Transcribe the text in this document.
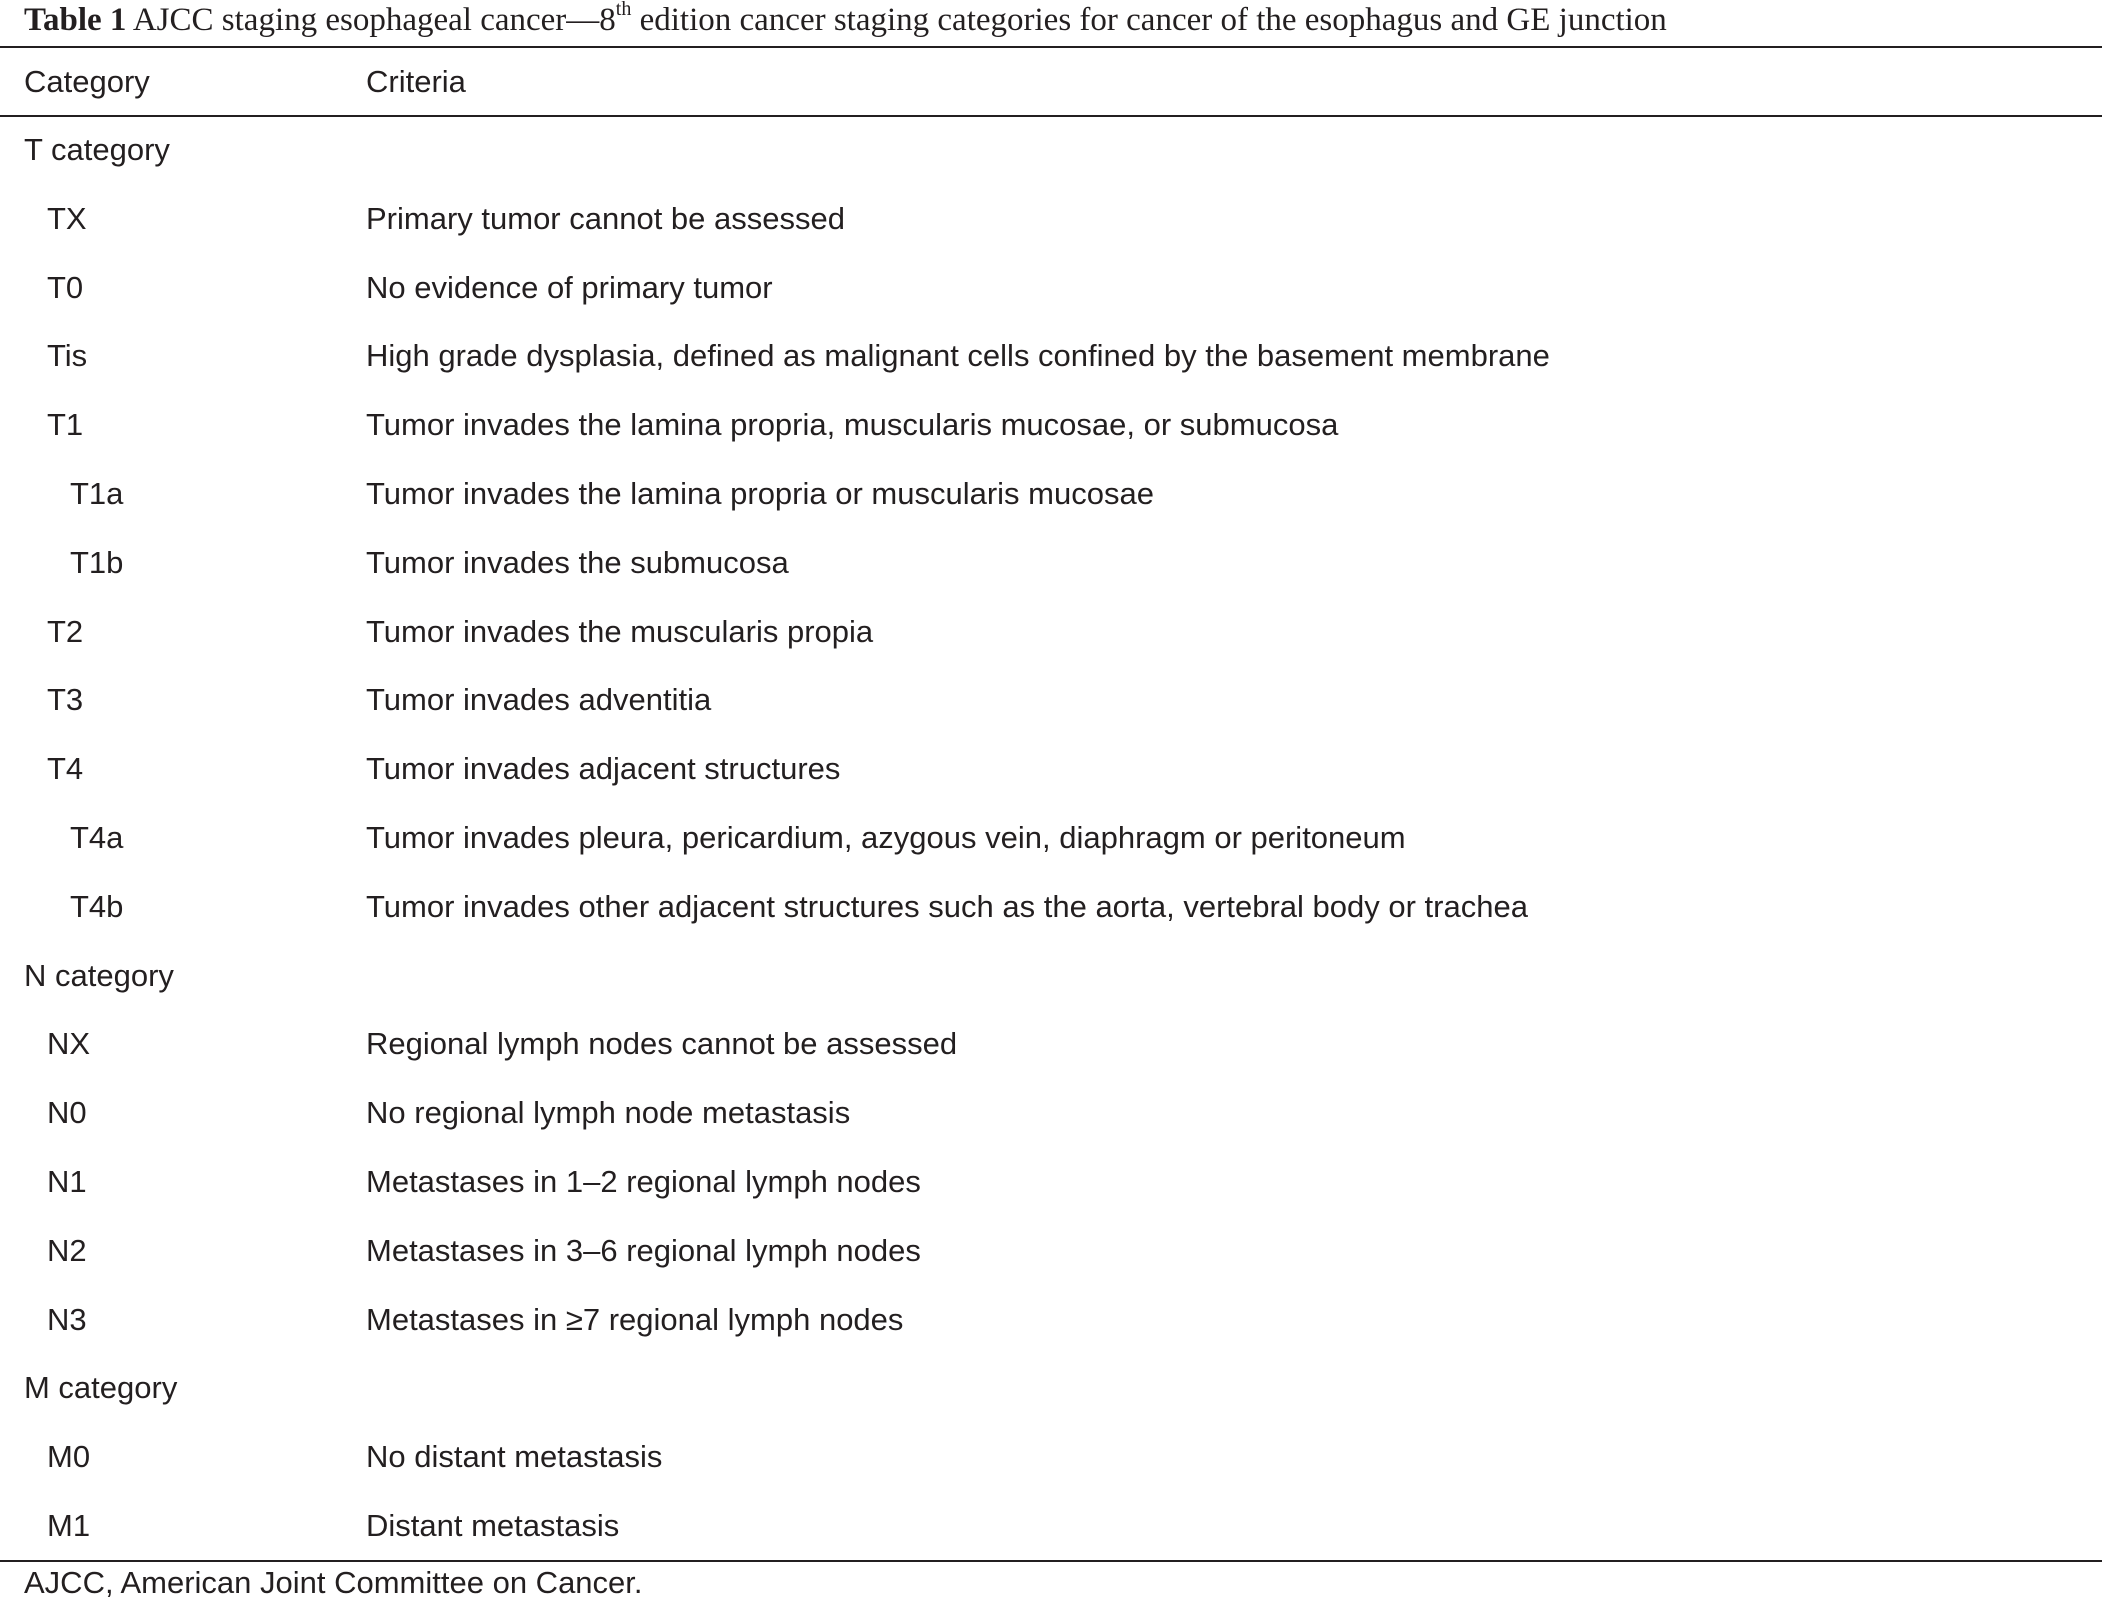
Table 1 AJCC staging esophageal cancer—8th edition cancer staging categories for cancer of the esophagus and GE junction
Category	Criteria
T category
TX	Primary tumor cannot be assessed
T0	No evidence of primary tumor
Tis	High grade dysplasia, defined as malignant cells confined by the basement membrane
T1	Tumor invades the lamina propria, muscularis mucosae, or submucosa
T1a	Tumor invades the lamina propria or muscularis mucosae
T1b	Tumor invades the submucosa
T2	Tumor invades the muscularis propia
T3	Tumor invades adventitia
T4	Tumor invades adjacent structures
T4a	Tumor invades pleura, pericardium, azygous vein, diaphragm or peritoneum
T4b	Tumor invades other adjacent structures such as the aorta, vertebral body or trachea
N category
NX	Regional lymph nodes cannot be assessed
N0	No regional lymph node metastasis
N1	Metastases in 1–2 regional lymph nodes
N2	Metastases in 3–6 regional lymph nodes
N3	Metastases in ≥7 regional lymph nodes
M category
M0	No distant metastasis
M1	Distant metastasis
AJCC, American Joint Committee on Cancer.
